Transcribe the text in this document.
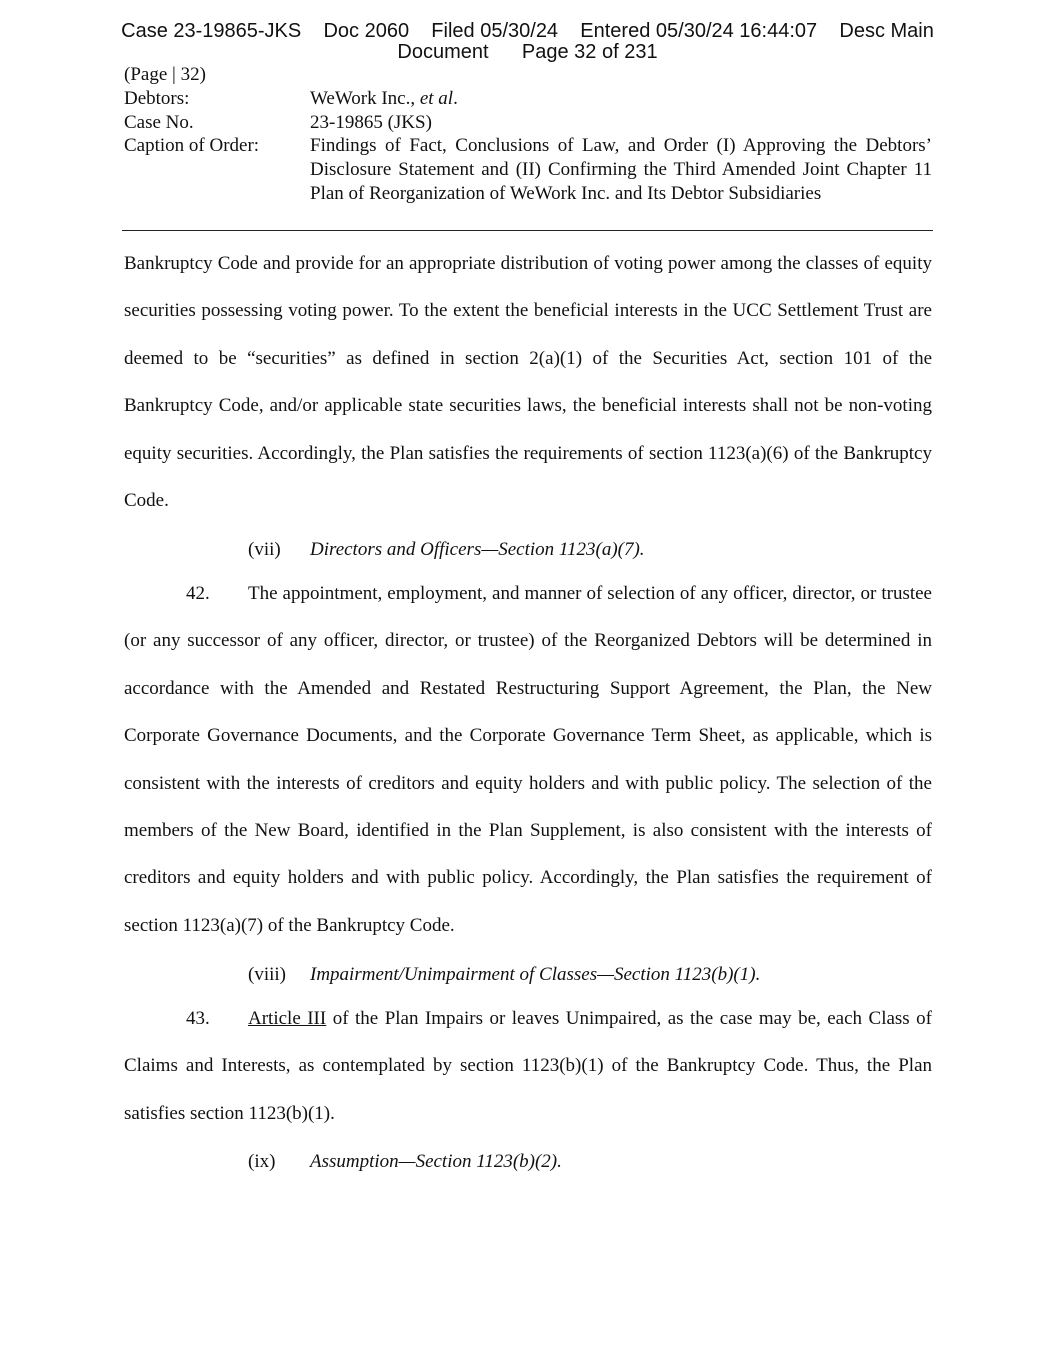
Case 23-19865-JKS    Doc 2060    Filed 05/30/24    Entered 05/30/24 16:44:07    Desc Main
Document      Page 32 of 231
(Page | 32)
Debtors:	WeWork Inc., et al.
Case No.	23-19865 (JKS)
Caption of Order:	Findings of Fact, Conclusions of Law, and Order (I) Approving the Debtors’ Disclosure Statement and (II) Confirming the Third Amended Joint Chapter 11 Plan of Reorganization of WeWork Inc. and Its Debtor Subsidiaries
Bankruptcy Code and provide for an appropriate distribution of voting power among the classes of equity securities possessing voting power. To the extent the beneficial interests in the UCC Settlement Trust are deemed to be “securities” as defined in section 2(a)(1) of the Securities Act, section 101 of the Bankruptcy Code, and/or applicable state securities laws, the beneficial interests shall not be non-voting equity securities. Accordingly, the Plan satisfies the requirements of section 1123(a)(6) of the Bankruptcy Code.
(vii) Directors and Officers—Section 1123(a)(7).
42. The appointment, employment, and manner of selection of any officer, director, or trustee (or any successor of any officer, director, or trustee) of the Reorganized Debtors will be determined in accordance with the Amended and Restated Restructuring Support Agreement, the Plan, the New Corporate Governance Documents, and the Corporate Governance Term Sheet, as applicable, which is consistent with the interests of creditors and equity holders and with public policy. The selection of the members of the New Board, identified in the Plan Supplement, is also consistent with the interests of creditors and equity holders and with public policy. Accordingly, the Plan satisfies the requirement of section 1123(a)(7) of the Bankruptcy Code.
(viii) Impairment/Unimpairment of Classes—Section 1123(b)(1).
43. Article III of the Plan Impairs or leaves Unimpaired, as the case may be, each Class of Claims and Interests, as contemplated by section 1123(b)(1) of the Bankruptcy Code. Thus, the Plan satisfies section 1123(b)(1).
(ix) Assumption—Section 1123(b)(2).
